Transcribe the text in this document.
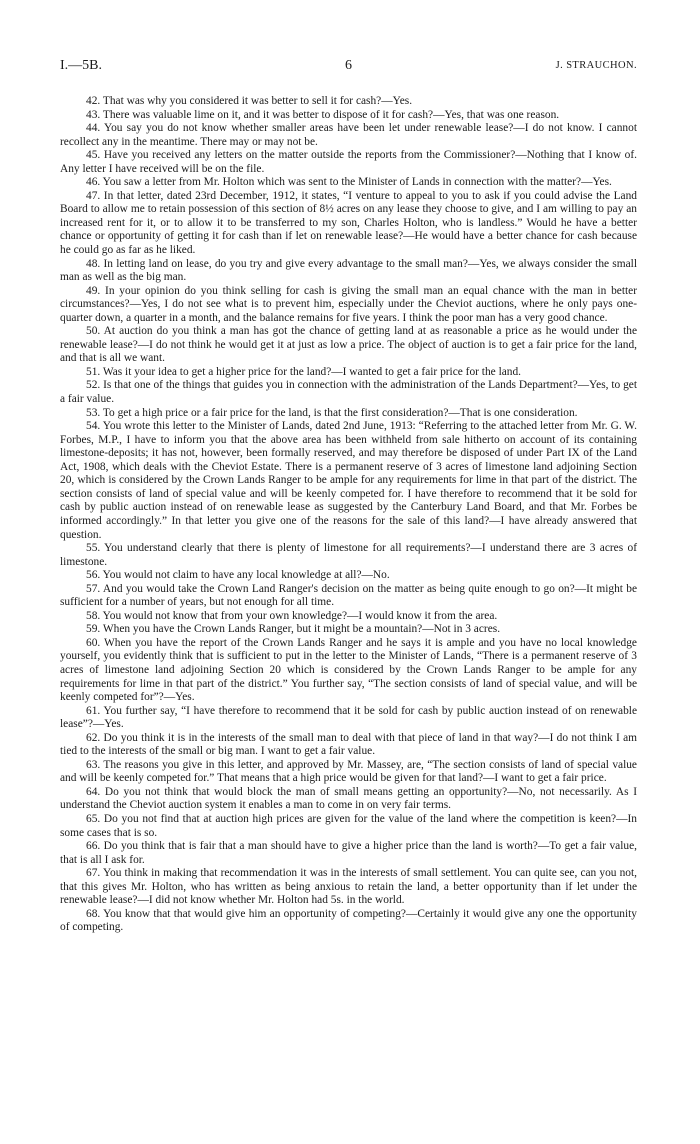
I.—5B.	6	J. STRAUCHON.

42. That was why you considered it was better to sell it for cash?—Yes.

43. There was valuable lime on it, and it was better to dispose of it for cash?—Yes, that was one reason.

44. You say you do not know whether smaller areas have been let under renewable lease?—I do not know. I cannot recollect any in the meantime. There may or may not be.

45. Have you received any letters on the matter outside the reports from the Commissioner?—Nothing that I know of. Any letter I have received will be on the file.

46. You saw a letter from Mr. Holton which was sent to the Minister of Lands in connection with the matter?—Yes.

47. In that letter, dated 23rd December, 1912, it states, “I venture to appeal to you to ask if you could advise the Land Board to allow me to retain possession of this section of 8½ acres on any lease they choose to give, and I am willing to pay an increased rent for it, or to allow it to be transferred to my son, Charles Holton, who is landless.” Would he have a better chance or opportunity of getting it for cash than if let on renewable lease?—He would have a better chance for cash because he could go as far as he liked.

48. In letting land on lease, do you try and give every advantage to the small man?—Yes, we always consider the small man as well as the big man.

49. In your opinion do you think selling for cash is giving the small man an equal chance with the man in better circumstances?—Yes, I do not see what is to prevent him, especially under the Cheviot auctions, where he only pays one-quarter down, a quarter in a month, and the balance remains for five years. I think the poor man has a very good chance.

50. At auction do you think a man has got the chance of getting land at as reasonable a price as he would under the renewable lease?—I do not think he would get it at just as low a price. The object of auction is to get a fair price for the land, and that is all we want.

51. Was it your idea to get a higher price for the land?—I wanted to get a fair price for the land.

52. Is that one of the things that guides you in connection with the administration of the Lands Department?—Yes, to get a fair value.

53. To get a high price or a fair price for the land, is that the first consideration?—That is one consideration.

54. You wrote this letter to the Minister of Lands, dated 2nd June, 1913: “Referring to the attached letter from Mr. G. W. Forbes, M.P., I have to inform you that the above area has been withheld from sale hitherto on account of its containing limestone-deposits; it has not, however, been formally reserved, and may therefore be disposed of under Part IX of the Land Act, 1908, which deals with the Cheviot Estate. There is a permanent reserve of 3 acres of limestone land adjoining Section 20, which is considered by the Crown Lands Ranger to be ample for any requirements for lime in that part of the district. The section consists of land of special value and will be keenly competed for. I have therefore to recommend that it be sold for cash by public auction instead of on renewable lease as suggested by the Canterbury Land Board, and that Mr. Forbes be informed accordingly.” In that letter you give one of the reasons for the sale of this land?—I have already answered that question.

55. You understand clearly that there is plenty of limestone for all requirements?—I understand there are 3 acres of limestone.

56. You would not claim to have any local knowledge at all?—No.

57. And you would take the Crown Land Ranger's decision on the matter as being quite enough to go on?—It might be sufficient for a number of years, but not enough for all time.

58. You would not know that from your own knowledge?—I would know it from the area.

59. When you have the Crown Lands Ranger, but it might be a mountain?—Not in 3 acres.

60. When you have the report of the Crown Lands Ranger and he says it is ample and you have no local knowledge yourself, you evidently think that is sufficient to put in the letter to the Minister of Lands, “There is a permanent reserve of 3 acres of limestone land adjoining Section 20 which is considered by the Crown Lands Ranger to be ample for any requirements for lime in that part of the district.” You further say, “The section consists of land of special value, and will be keenly competed for”?—Yes.

61. You further say, “I have therefore to recommend that it be sold for cash by public auction instead of on renewable lease”?—Yes.

62. Do you think it is in the interests of the small man to deal with that piece of land in that way?—I do not think I am tied to the interests of the small or big man. I want to get a fair value.

63. The reasons you give in this letter, and approved by Mr. Massey, are, “The section consists of land of special value and will be keenly competed for.” That means that a high price would be given for that land?—I want to get a fair price.

64. Do you not think that would block the man of small means getting an opportunity?—No, not necessarily. As I understand the Cheviot auction system it enables a man to come in on very fair terms.

65. Do you not find that at auction high prices are given for the value of the land where the competition is keen?—In some cases that is so.

66. Do you think that is fair that a man should have to give a higher price than the land is worth?—To get a fair value, that is all I ask for.

67. You think in making that recommendation it was in the interests of small settlement. You can quite see, can you not, that this gives Mr. Holton, who has written as being anxious to retain the land, a better opportunity than if let under the renewable lease?—I did not know whether Mr. Holton had 5s. in the world.

68. You know that that would give him an opportunity of competing?—Certainly it would give any one the opportunity of competing.
